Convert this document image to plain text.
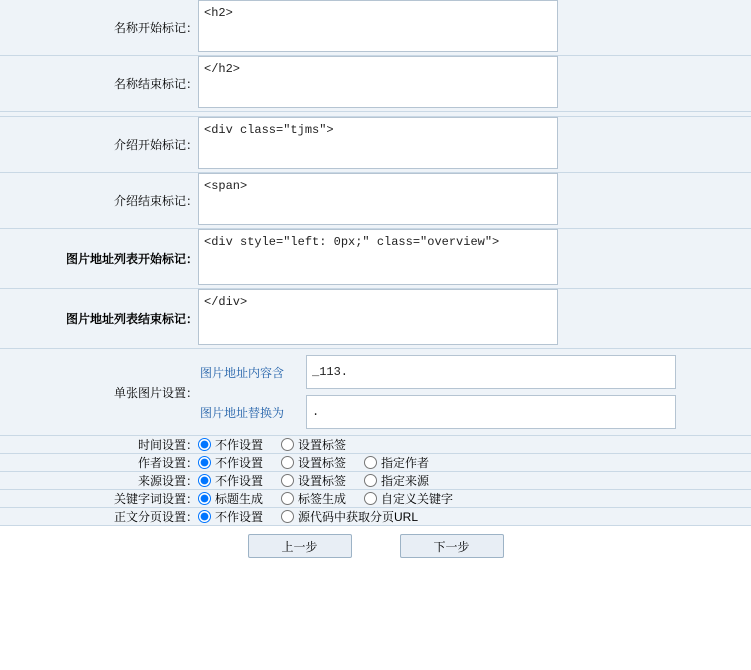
名称开始标记：	<h2>
名称结束标记：	</h2>

介绍开始标记：	<div class="tjms">
介绍结束标记：	<span>
图片地址列表开始标记：	<div style="left: 0px;" class="overview">
图片地址列表结束标记：	</div>
单张图片设置：	图片地址内容含
_113.
图片地址替换为
.

时间设置：	不作设置 设置标签

作者设置：	不作设置 设置标签 指定作者

来源设置：	不作设置 设置标签 指定来源

关键字词设置：	标题生成 标签生成 自定义关键字

正文分页设置：	不作设置 源代码中获取分页URL
上一步	下一步
